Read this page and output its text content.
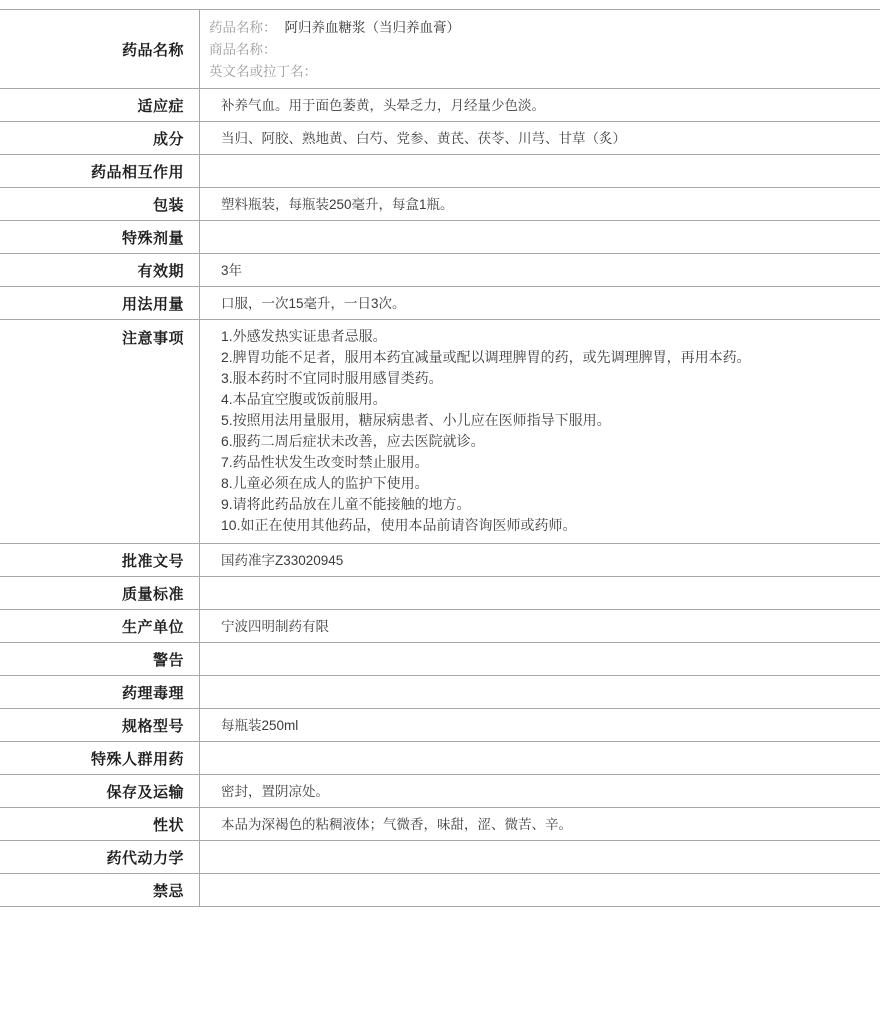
药品名称
药品名称： 阿归养血糖浆（当归养血膏）
商品名称：
英文名或拉丁名：
适应症	补养气血。用于面色萎黄，头晕乏力，月经量少色淡。
成分	当归、阿胶、熟地黄、白芍、党参、黄芪、茯苓、川芎、甘草（炙）
药品相互作用
包装	塑料瓶装，每瓶装250毫升，每盒1瓶。
特殊剂量
有效期	3年
用法用量	口服，一次15毫升，一日3次。
注意事项	1.外感发热实证患者忌服。
2.脾胃功能不足者，服用本药宜减量或配以调理脾胃的药，或先调理脾胃，再用本药。
3.服本药时不宜同时服用感冒类药。
4.本品宜空腹或饭前服用。
5.按照用法用量服用，糖尿病患者、小儿应在医师指导下服用。
6.服药二周后症状未改善，应去医院就诊。
7.药品性状发生改变时禁止服用。
8.儿童必须在成人的监护下使用。
9.请将此药品放在儿童不能接触的地方。
10.如正在使用其他药品，使用本品前请咨询医师或药师。
批准文号	国药准字Z33020945
质量标准
生产单位	宁波四明制药有限
警告
药理毒理
规格型号	每瓶装250ml
特殊人群用药
保存及运输	密封，置阴凉处。
性状	本品为深褐色的粘稠液体；气微香，味甜，涩、微苦、辛。
药代动力学
禁忌
